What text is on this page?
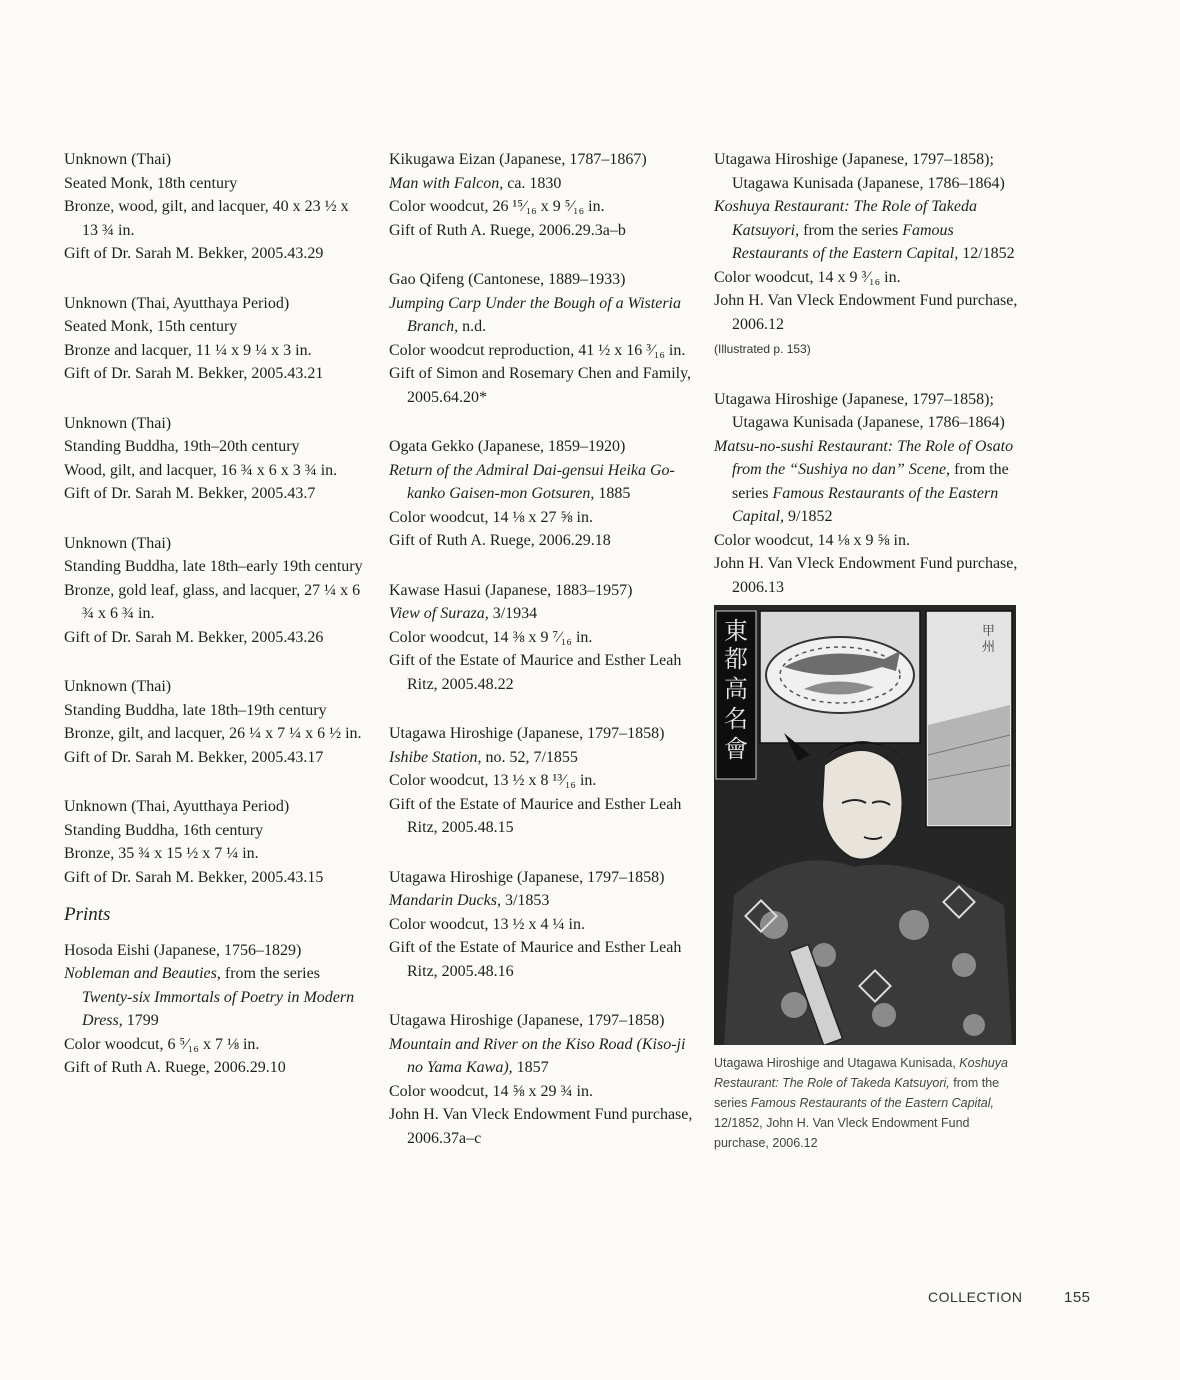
Unknown (Thai)
Seated Monk, 18th century
Bronze, wood, gilt, and lacquer, 40 x 23 ½ x 13 ¾ in.
Gift of Dr. Sarah M. Bekker, 2005.43.29
Unknown (Thai, Ayutthaya Period)
Seated Monk, 15th century
Bronze and lacquer, 11 ¼ x 9 ¼ x 3 in.
Gift of Dr. Sarah M. Bekker, 2005.43.21
Unknown (Thai)
Standing Buddha, 19th–20th century
Wood, gilt, and lacquer, 16 ¾ x 6 x 3 ¾ in.
Gift of Dr. Sarah M. Bekker, 2005.43.7
Unknown (Thai)
Standing Buddha, late 18th–early 19th century
Bronze, gold leaf, glass, and lacquer, 27 ¼ x 6 ¾ x 6 ¾ in.
Gift of Dr. Sarah M. Bekker, 2005.43.26
Unknown (Thai)
Standing Buddha, late 18th–19th century
Bronze, gilt, and lacquer, 26 ¼ x 7 ¼ x 6 ½ in.
Gift of Dr. Sarah M. Bekker, 2005.43.17
Unknown (Thai, Ayutthaya Period)
Standing Buddha, 16th century
Bronze, 35 ¾ x 15 ½ x 7 ¼ in.
Gift of Dr. Sarah M. Bekker, 2005.43.15
Prints
Hosoda Eishi (Japanese, 1756–1829)
Nobleman and Beauties, from the series Twenty-six Immortals of Poetry in Modern Dress, 1799
Color woodcut, 6 ⁵⁄₁₆ x 7 ⅛ in.
Gift of Ruth A. Ruege, 2006.29.10
Kikugawa Eizan (Japanese, 1787–1867)
Man with Falcon, ca. 1830
Color woodcut, 26 ¹⁵⁄₁₆ x 9 ⁵⁄₁₆ in.
Gift of Ruth A. Ruege, 2006.29.3a–b
Gao Qifeng (Cantonese, 1889–1933)
Jumping Carp Under the Bough of a Wisteria Branch, n.d.
Color woodcut reproduction, 41 ½ x 16 ³⁄₁₆ in.
Gift of Simon and Rosemary Chen and Family, 2005.64.20*
Ogata Gekko (Japanese, 1859–1920)
Return of the Admiral Dai-gensui Heika Go-kanko Gaisen-mon Gotsuren, 1885
Color woodcut, 14 ⅛ x 27 ⅝ in.
Gift of Ruth A. Ruege, 2006.29.18
Kawase Hasui (Japanese, 1883–1957)
View of Suraza, 3/1934
Color woodcut, 14 ⅜ x 9 ⁷⁄₁₆ in.
Gift of the Estate of Maurice and Esther Leah Ritz, 2005.48.22
Utagawa Hiroshige (Japanese, 1797–1858)
Ishibe Station, no. 52, 7/1855
Color woodcut, 13 ½ x 8 ¹³⁄₁₆ in.
Gift of the Estate of Maurice and Esther Leah Ritz, 2005.48.15
Utagawa Hiroshige (Japanese, 1797–1858)
Mandarin Ducks, 3/1853
Color woodcut, 13 ½ x 4 ¼ in.
Gift of the Estate of Maurice and Esther Leah Ritz, 2005.48.16
Utagawa Hiroshige (Japanese, 1797–1858)
Mountain and River on the Kiso Road (Kiso-ji no Yama Kawa), 1857
Color woodcut, 14 ⅝ x 29 ¾ in.
John H. Van Vleck Endowment Fund purchase, 2006.37a–c
Utagawa Hiroshige (Japanese, 1797–1858); Utagawa Kunisada (Japanese, 1786–1864)
Koshuya Restaurant: The Role of Takeda Katsuyori, from the series Famous Restaurants of the Eastern Capital, 12/1852
Color woodcut, 14 x 9 ³⁄₁₆ in.
John H. Van Vleck Endowment Fund purchase, 2006.12
(Illustrated p. 153)
Utagawa Hiroshige (Japanese, 1797–1858); Utagawa Kunisada (Japanese, 1786–1864)
Matsu-no-sushi Restaurant: The Role of Osato from the “Sushiya no dan” Scene, from the series Famous Restaurants of the Eastern Capital, 9/1852
Color woodcut, 14 ⅛ x 9 ⅝ in.
John H. Van Vleck Endowment Fund purchase, 2006.13
東
都
高
名
會
甲
州
Utagawa Hiroshige and Utagawa Kunisada, Koshuya Restaurant: The Role of Takeda Katsuyori, from the series Famous Restaurants of the Eastern Capital, 12/1852, John H. Van Vleck Endowment Fund purchase, 2006.12
COLLECTION	155
